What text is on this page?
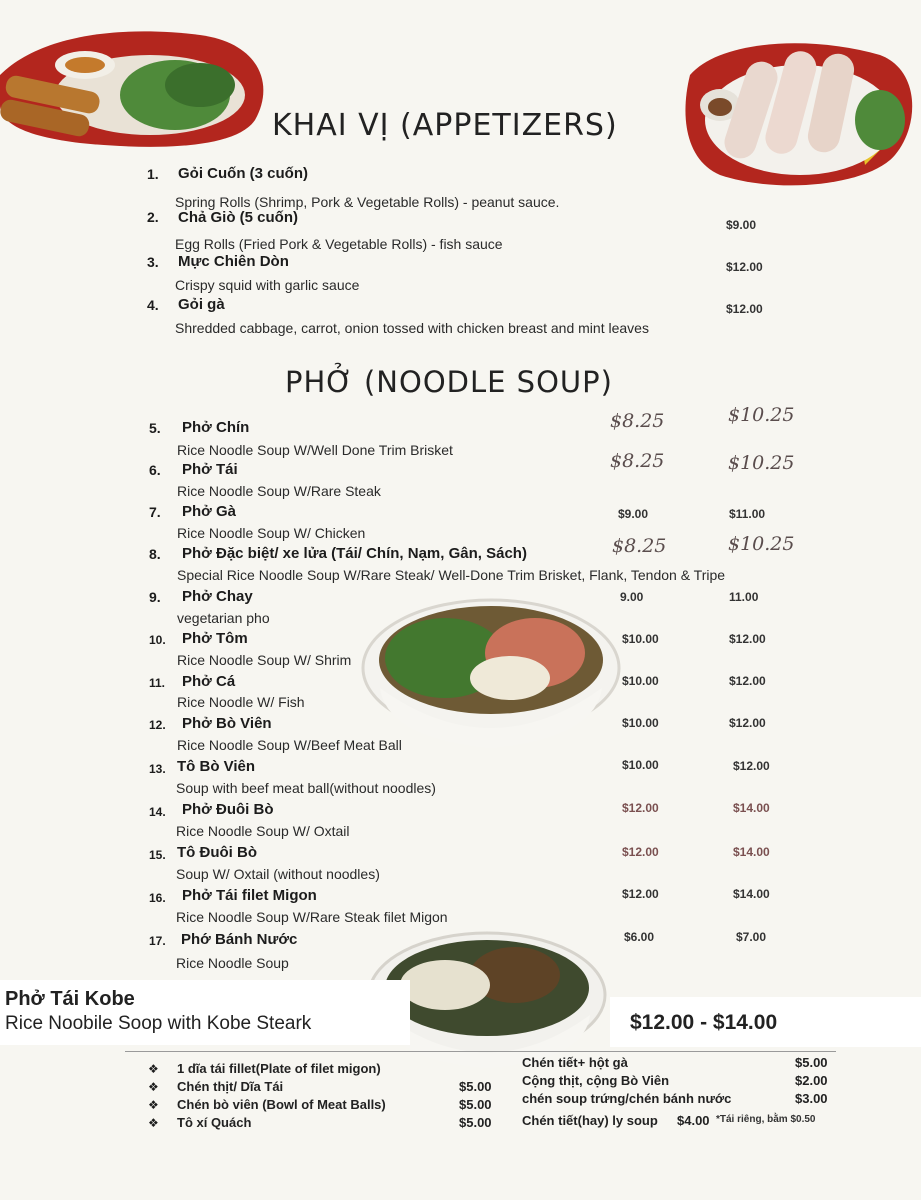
KHAI VỊ (APPETIZERS)
1. Gỏi Cuốn (3 cuốn)
Spring Rolls (Shrimp, Pork & Vegetable Rolls) - peanut sauce.
2. Chả Giò (5 cuốn)	$9.00
Egg Rolls (Fried Pork & Vegetable Rolls) - fish sauce
3. Mực Chiên Dòn	$12.00
Crispy squid with garlic sauce
4. Gỏi gà	$12.00
Shredded cabbage, carrot, onion tossed with chicken breast and mint leaves
PHỞ (NOODLE SOUP)
5. Phở Chín	$8.25	$10.25
Rice Noodle Soup W/Well Done Trim Brisket
6. Phở Tái	$8.25	$10.25
Rice Noodle Soup W/Rare Steak
7. Phở Gà	$9.00	$11.00
Rice Noodle Soup W/ Chicken
8. Phở Đặc biệt/ xe lửa (Tái/ Chín, Nạm, Gân, Sách)	$8.25	$10.25
Special Rice Noodle Soup W/Rare Steak/ Well-Done Trim Brisket, Flank, Tendon & Tripe
9. Phở Chay	9.00	11.00
vegetarian pho
10. Phở Tôm	$10.00	$12.00
Rice Noodle Soup W/ Shrim
11. Phở Cá	$10.00	$12.00
Rice Noodle W/ Fish
12. Phở Bò Viên	$10.00	$12.00
Rice Noodle Soup W/Beef Meat Ball
13. Tô Bò Viên	$10.00	$12.00
Soup with beef meat ball(without noodles)
14. Phở Đuôi Bò	$12.00	$14.00
Rice Noodle Soup W/ Oxtail
15. Tô Đuôi Bò	$12.00	$14.00
Soup W/ Oxtail (without noodles)
16. Phở Tái filet Migon	$12.00	$14.00
Rice Noodle Soup W/Rare Steak filet Migon
17. Phớ Bánh Nước	$6.00	$7.00
Rice Noodle Soup
Phở Tái Kobe
Rice Noobile Soop with Kobe Steark	$12.00 - $14.00
❖ 1 dĩa tái fillet(Plate of filet migon)
❖ Chén thịt/ Dĩa Tái	$5.00
❖ Chén bò viên (Bowl of Meat Balls)	$5.00
❖ Tô xí Quách	$5.00
Chén tiết+ hột gà	$5.00
Cộng thịt, cộng Bò Viên	$2.00
chén soup trứng/chén bánh nước	$3.00
Chén tiết(hay) ly soup $4.00 *Tái riêng, bằm $0.50
